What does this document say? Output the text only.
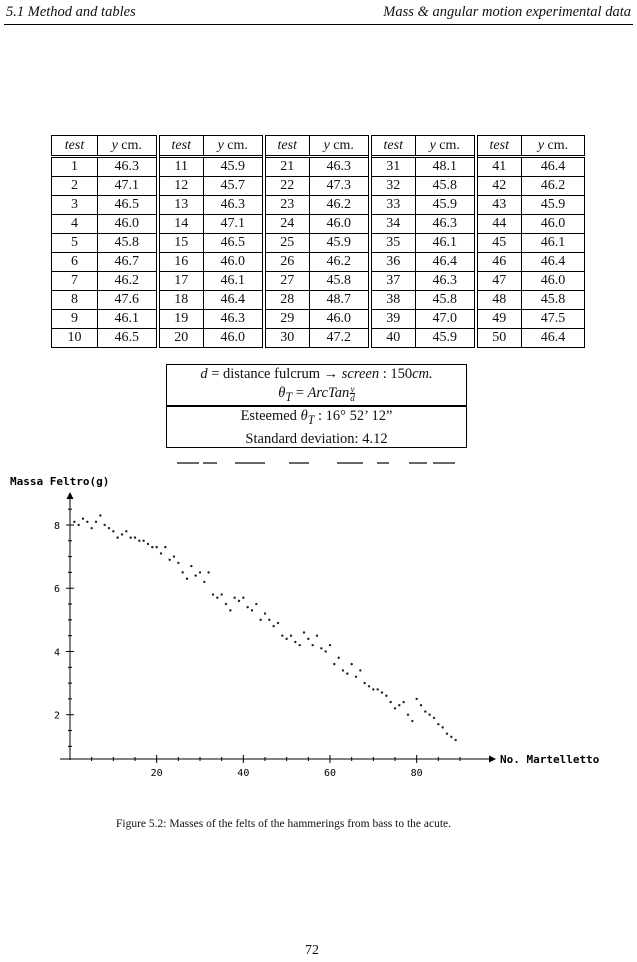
5.1 Method and tables	Mass & angular motion experimental data
test	y cm.	test	y cm.	test	y cm.	test	y cm.	test	y cm.
1	46.3	11	45.9	21	46.3	31	48.1	41	46.4
2	47.1	12	45.7	22	47.3	32	45.8	42	46.2
3	46.5	13	46.3	23	46.2	33	45.9	43	45.9
4	46.0	14	47.1	24	46.0	34	46.3	44	46.0
5	45.8	15	46.5	25	45.9	35	46.1	45	46.1
6	46.7	16	46.0	26	46.2	36	46.4	46	46.4
7	46.2	17	46.1	27	45.8	37	46.3	47	46.0
8	47.6	18	46.4	28	48.7	38	45.8	48	45.8
9	46.1	19	46.3	29	46.0	39	47.0	49	47.5
10	46.5	20	46.0	30	47.2	40	45.9	50	46.4

d = distance fulcrum → screen : 150cm.

$\theta_T$ = ArcTan $\frac{y}{d}$

Esteemed $\theta_T$ : 16° 52’ 12”

Standard deviation: 4.12

Massa Feltro(g)
No. Martelletto
20	40	60	80
2
4
6
8
Figure 5.2: Masses of the felts of the hammerings from bass to the acute.
72
